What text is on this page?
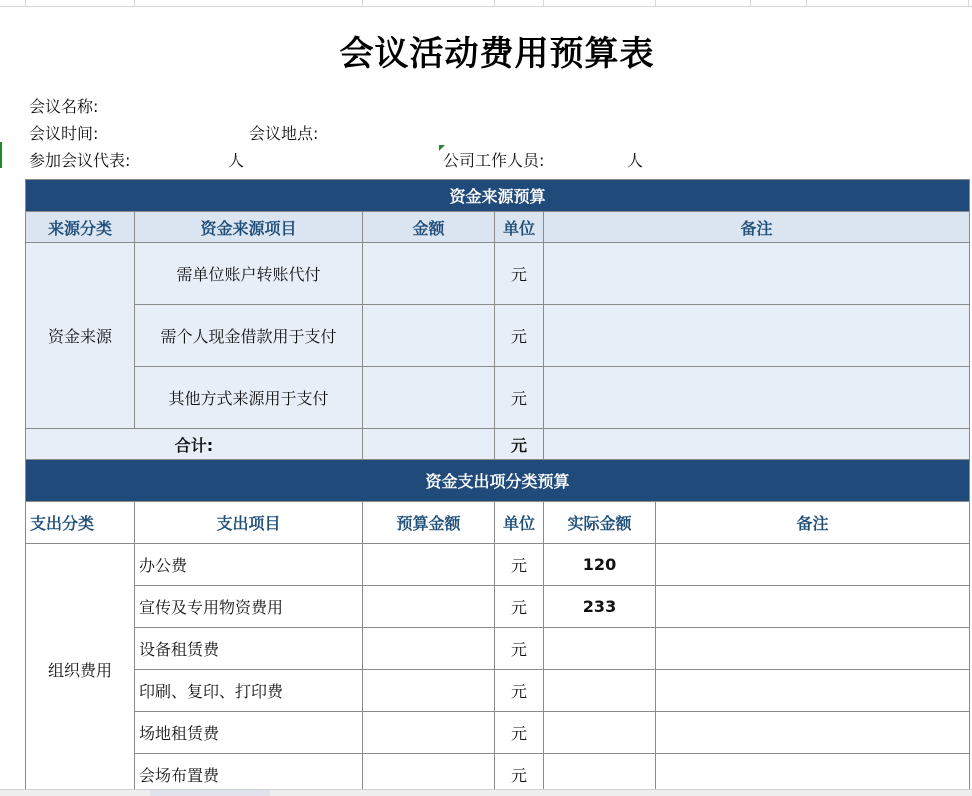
会议活动费用预算表
会议名称:
会议时间:	会议地点:
参加会议代表:	人	公司工作人员:	人
资金来源预算					
来源分类	资金来源项目	金额	单位	备注	
资金来源	需单位账户转账代付		元		
	需个人现金借款用于支付		元		
	其他方式来源用于支付		元		
合计:			元		
资金支出项分类预算					
支出分类	支出项目	预算金额	单位	实际金额	备注
组织费用	办公费		元	120	
	宣传及专用物资费用		元	233	
	设备租赁费		元		
	印刷、复印、打印费		元		
	场地租赁费		元		
	会场布置费		元		
